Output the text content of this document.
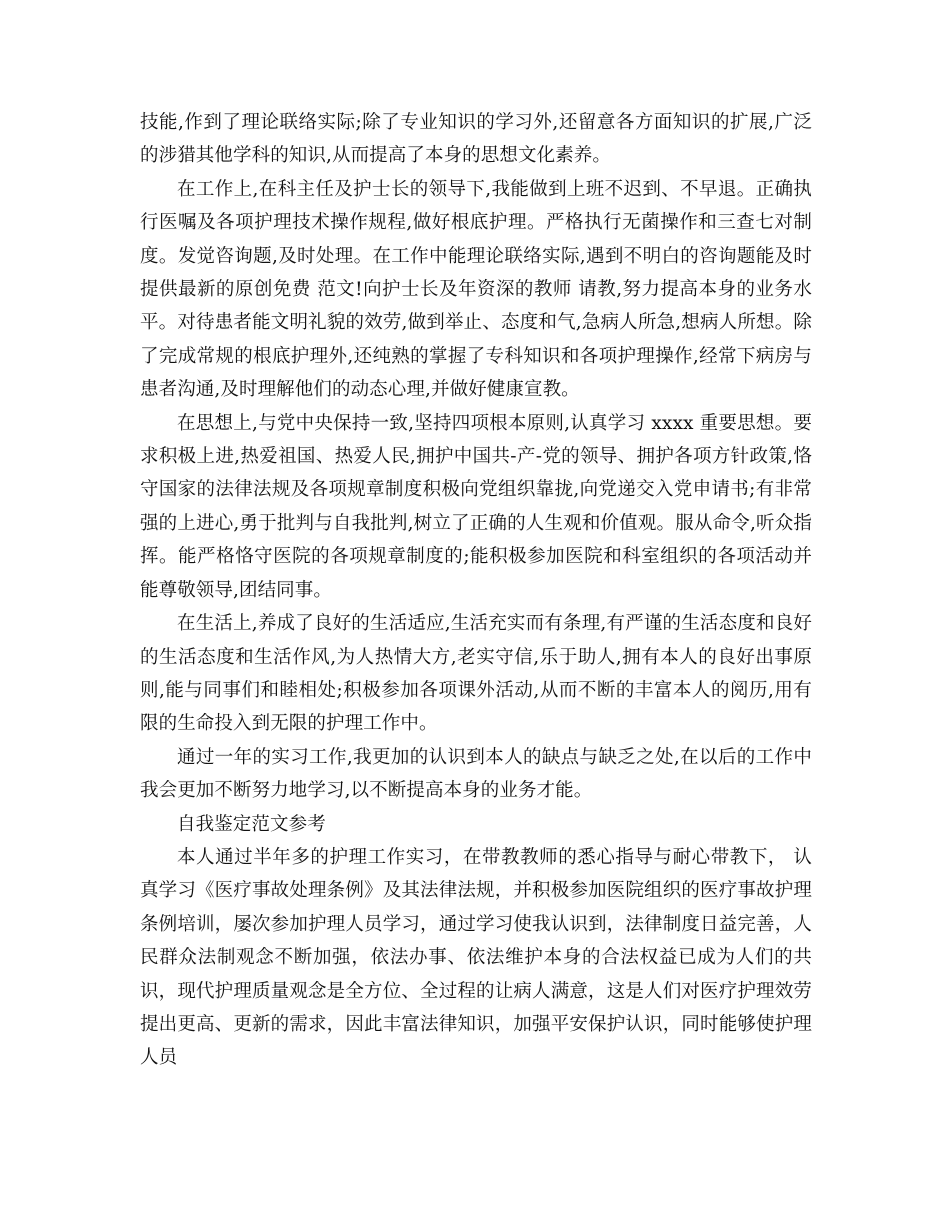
技能,作到了理论联络实际;除了专业知识的学习外,还留意各方面知识的扩展,广泛的涉猎其他学科的知识,从而提高了本身的思想文化素养。

在工作上,在科主任及护士长的领导下,我能做到上班不迟到、不早退。正确执行医嘱及各项护理技术操作规程,做好根底护理。严格执行无菌操作和三查七对制度。发觉咨询题,及时处理。在工作中能理论联络实际,遇到不明白的咨询题能及时提供最新的原创免费 范文!向护士长及年资深的教师 请教,努力提高本身的业务水平。对待患者能文明礼貌的效劳,做到举止、态度和气,急病人所急,想病人所想。除了完成常规的根底护理外,还纯熟的掌握了专科知识和各项护理操作,经常下病房与患者沟通,及时理解他们的动态心理,并做好健康宣教。

在思想上,与党中央保持一致,坚持四项根本原则,认真学习 xxxx 重要思想。要求积极上进,热爱祖国、热爱人民,拥护中国共-产-党的领导、拥护各项方针政策,恪守国家的法律法规及各项规章制度积极向党组织靠拢,向党递交入党申请书;有非常强的上进心,勇于批判与自我批判,树立了正确的人生观和价值观。服从命令,听众指挥。能严格恪守医院的各项规章制度的;能积极参加医院和科室组织的各项活动并能尊敬领导,团结同事。

在生活上,养成了良好的生活适应,生活充实而有条理,有严谨的生活态度和良好的生活态度和生活作风,为人热情大方,老实守信,乐于助人,拥有本人的良好出事原则,能与同事们和睦相处;积极参加各项课外活动,从而不断的丰富本人的阅历,用有限的生命投入到无限的护理工作中。

通过一年的实习工作,我更加的认识到本人的缺点与缺乏之处,在以后的工作中我会更加不断努力地学习,以不断提高本身的业务才能。

自我鉴定范文参考

本人通过半年多的护理工作实习，在带教教师的悉心指导与耐心带教下， 认真学习《医疗事故处理条例》及其法律法规，并积极参加医院组织的医疗事故护理条例培训，屡次参加护理人员学习，通过学习使我认识到，法律制度日益完善，人民群众法制观念不断加强，依法办事、依法维护本身的合法权益已成为人们的共识，现代护理质量观念是全方位、全过程的让病人满意，这是人们对医疗护理效劳提出更高、更新的需求，因此丰富法律知识，加强平安保护认识，同时能够使护理人员
